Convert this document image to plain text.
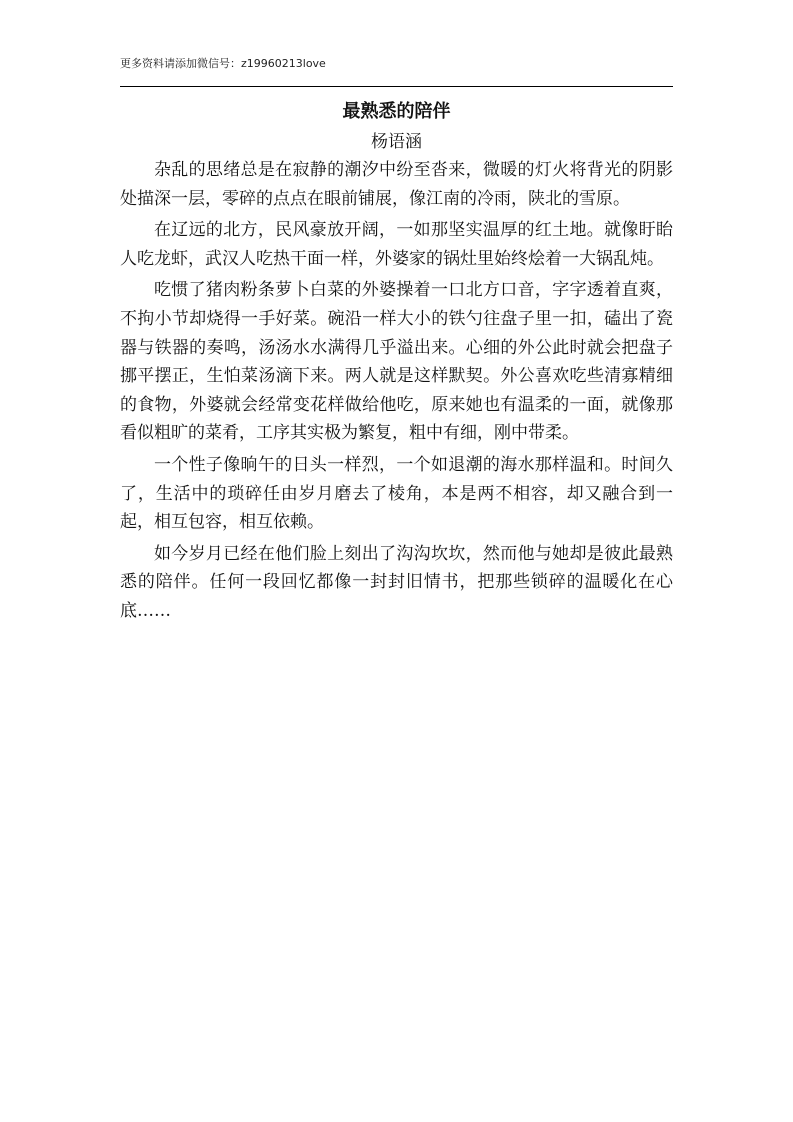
更多资料请添加微信号：z19960213love
最熟悉的陪伴
杨语涵

杂乱的思绪总是在寂静的潮汐中纷至沓来，微暖的灯火将背光的阴影处描深一层，零碎的点点在眼前铺展，像江南的冷雨，陕北的雪原。

在辽远的北方，民风豪放开阔，一如那坚实温厚的红土地。就像盱眙人吃龙虾，武汉人吃热干面一样，外婆家的锅灶里始终烩着一大锅乱炖。

吃惯了猪肉粉条萝卜白菜的外婆操着一口北方口音，字字透着直爽，不拘小节却烧得一手好菜。碗沿一样大小的铁勺往盘子里一扣，磕出了瓷器与铁器的奏鸣，汤汤水水满得几乎溢出来。心细的外公此时就会把盘子挪平摆正，生怕菜汤滴下来。两人就是这样默契。外公喜欢吃些清寡精细的食物，外婆就会经常变花样做给他吃，原来她也有温柔的一面，就像那看似粗旷的菜肴，工序其实极为繁复，粗中有细，刚中带柔。

一个性子像晌午的日头一样烈，一个如退潮的海水那样温和。时间久了，生活中的琐碎任由岁月磨去了棱角，本是两不相容，却又融合到一起，相互包容，相互依赖。

如今岁月已经在他们脸上刻出了沟沟坎坎，然而他与她却是彼此最熟悉的陪伴。任何一段回忆都像一封封旧情书，把那些锁碎的温暖化在心底……
